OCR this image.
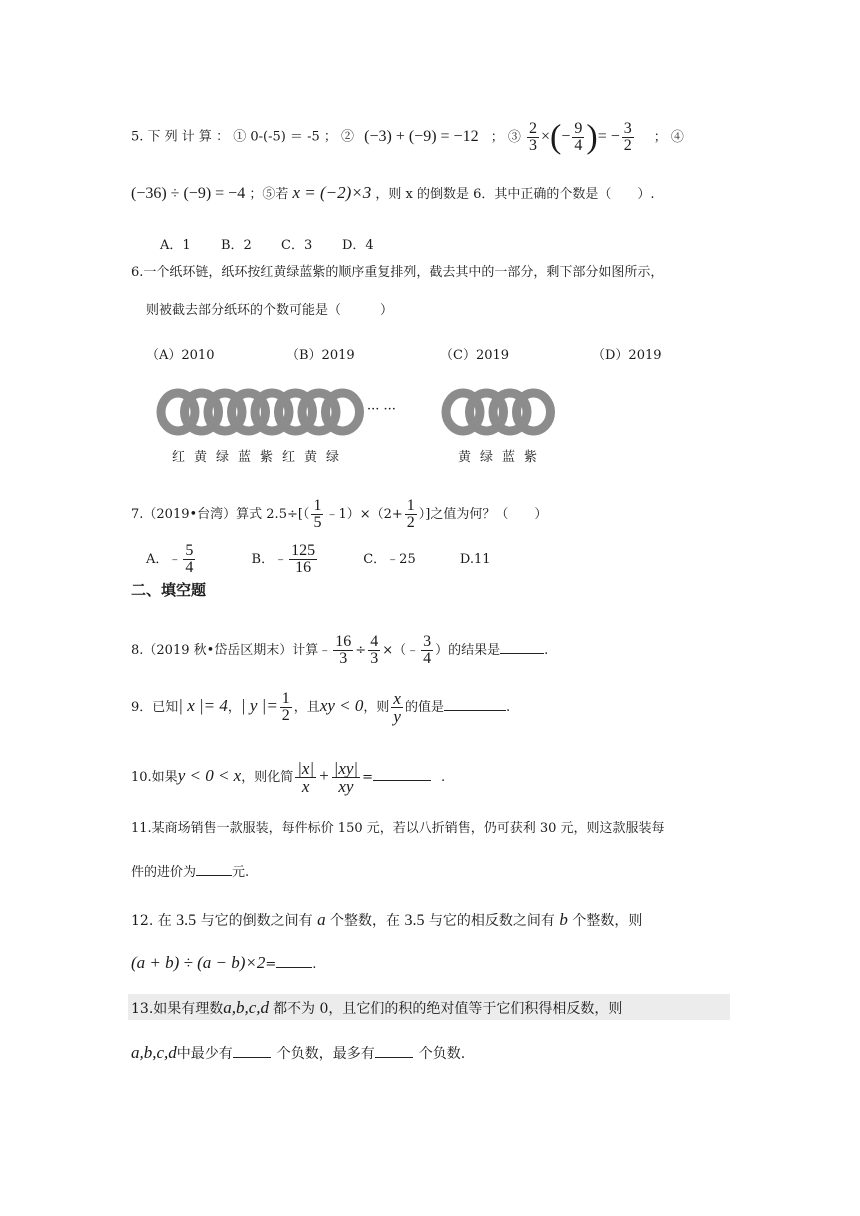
5. 下 列 计 算 ： ① 0-(-5) ＝ -5 ； ② (−3) + (−9) = −12 ； ③ $\frac{2}{3}$ ×(− $\frac{9}{4}$ )= − $\frac{3}{2}$ ； ④
(−36) ÷ (−9) = −4 ；⑤若 x = (−2)×3 ，则 x 的倒数是 6．其中正确的个数是（　　）.
A．1 B．2 C．3 D．4
6.一个纸环链，纸环按红黄绿蓝紫的顺序重复排列，截去其中的一部分，剩下部分如图所示，
则被截去部分纸环的个数可能是（　　　）
（A）2010	（B）2019	（C）2019	（D）2019
··· ···
红黄绿蓝紫红黄绿	黄绿蓝紫
7.（2019•台湾）算式 $2.5\div[( \frac{1}{5}$ ﹣1）×（2+ $\frac{1}{2}$ ）]之值为何？（　　）
A．﹣ $\frac{5}{4}$	B．﹣ $\frac{125}{16}$	C．﹣25	D.11
二、填空题
8.（2019 秋•岱岳区期末）计算﹣ $\frac{16}{3} \div \frac{4}{3}$ ×（﹣ $\frac{3}{4}$ ）的结果是	.
9．已知| x |= 4，| y |= $\frac{1}{2}$ ，且xy < 0，则 $\frac{x}{y}$ 的值是	.
10.如果y < 0 < x，则化简 $\frac{|x|}{x} + \frac{|xy|}{xy}$ =	.
11.某商场销售一款服装，每件标价 150 元，若以八折销售，仍可获利 30 元，则这款服装每
件的进价为	元.
12. 在 3.5 与它的倒数之间有 a 个整数，在 3.5 与它的相反数之间有 b 个整数，则
(a + b) ÷ (a − b)×2=	.
13.如果有理数a,b,c,d 都不为 0，且它们的积的绝对值等于它们积得相反数，则
a,b,c,d中最少有	个负数，最多有	个负数.
